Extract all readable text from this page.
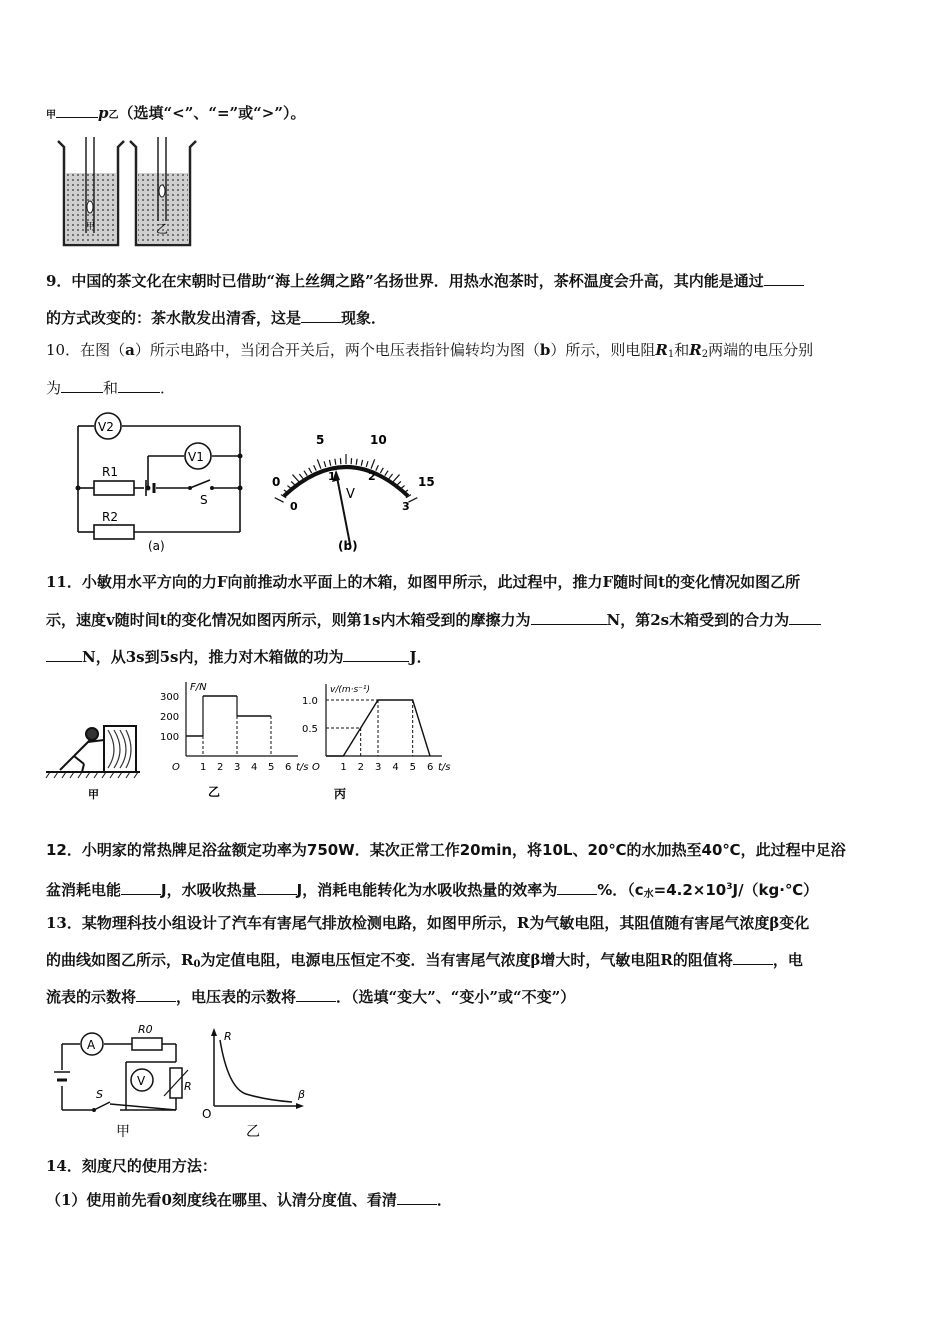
甲	p乙（选填“<”、“=”或“>”）。
甲	乙
9．中国的茶文化在宋朝时已借助“海上丝绸之路”名扬世界．用热水泡茶时，茶杯温度会升高，其内能是通过
的方式改变的：茶水散发出清香，这是	现象．
10．在图（a）所示电路中，当闭合开关后，两个电压表指针偏转均为图（b）所示，则电阻$R_1$和$R_2$两端的电压分别
为	和	．
V2
V1
R1
S
R2
(a)
0
5	10
15
0
1	2
3
V
(b)
11．小敏用水平方向的力F向前推动水平面上的木箱，如图甲所示，此过程中，推力F随时间t的变化情况如图乙所
示，速度v随时间t的变化情况如图丙所示，则第1s内木箱受到的摩擦力为	N，第2s木箱受到的合力为
N，从3s到5s内，推力对木箱做的功为	J．
甲
F/N
t/s
O 1 2 3 4 5 6
100
200
300
乙
v/(m·s⁻¹)
t/s
O 1 2 3 4 5 6
0.5
1.0
丙
12．小明家的常热牌足浴盆额定功率为750W．某次正常工作20min，将10L、20℃的水加热至40℃，此过程中足浴
盆消耗电能	J，水吸收热量	J，消耗电能转化为水吸收热量的效率为	%．（$c_水=4.2\times 10^3J/(kg\cdot℃)$
13．某物理科技小组设计了汽车有害尾气排放检测电路，如图甲所示，R为气敏电阻，其阻值随有害尾气浓度β变化
的曲线如图乙所示，$R_0$为定值电阻，电源电压恒定不变．当有害尾气浓度β增大时，气敏电阻R的阻值将	，电
流表的示数将	，电压表的示数将	．（选填“变大”、“变小”或“不变”）
A
R0
V	R
S
甲
R
β
O
乙
14．刻度尺的使用方法：
（1）使用前先看0刻度线在哪里、认清分度值、看清	．
